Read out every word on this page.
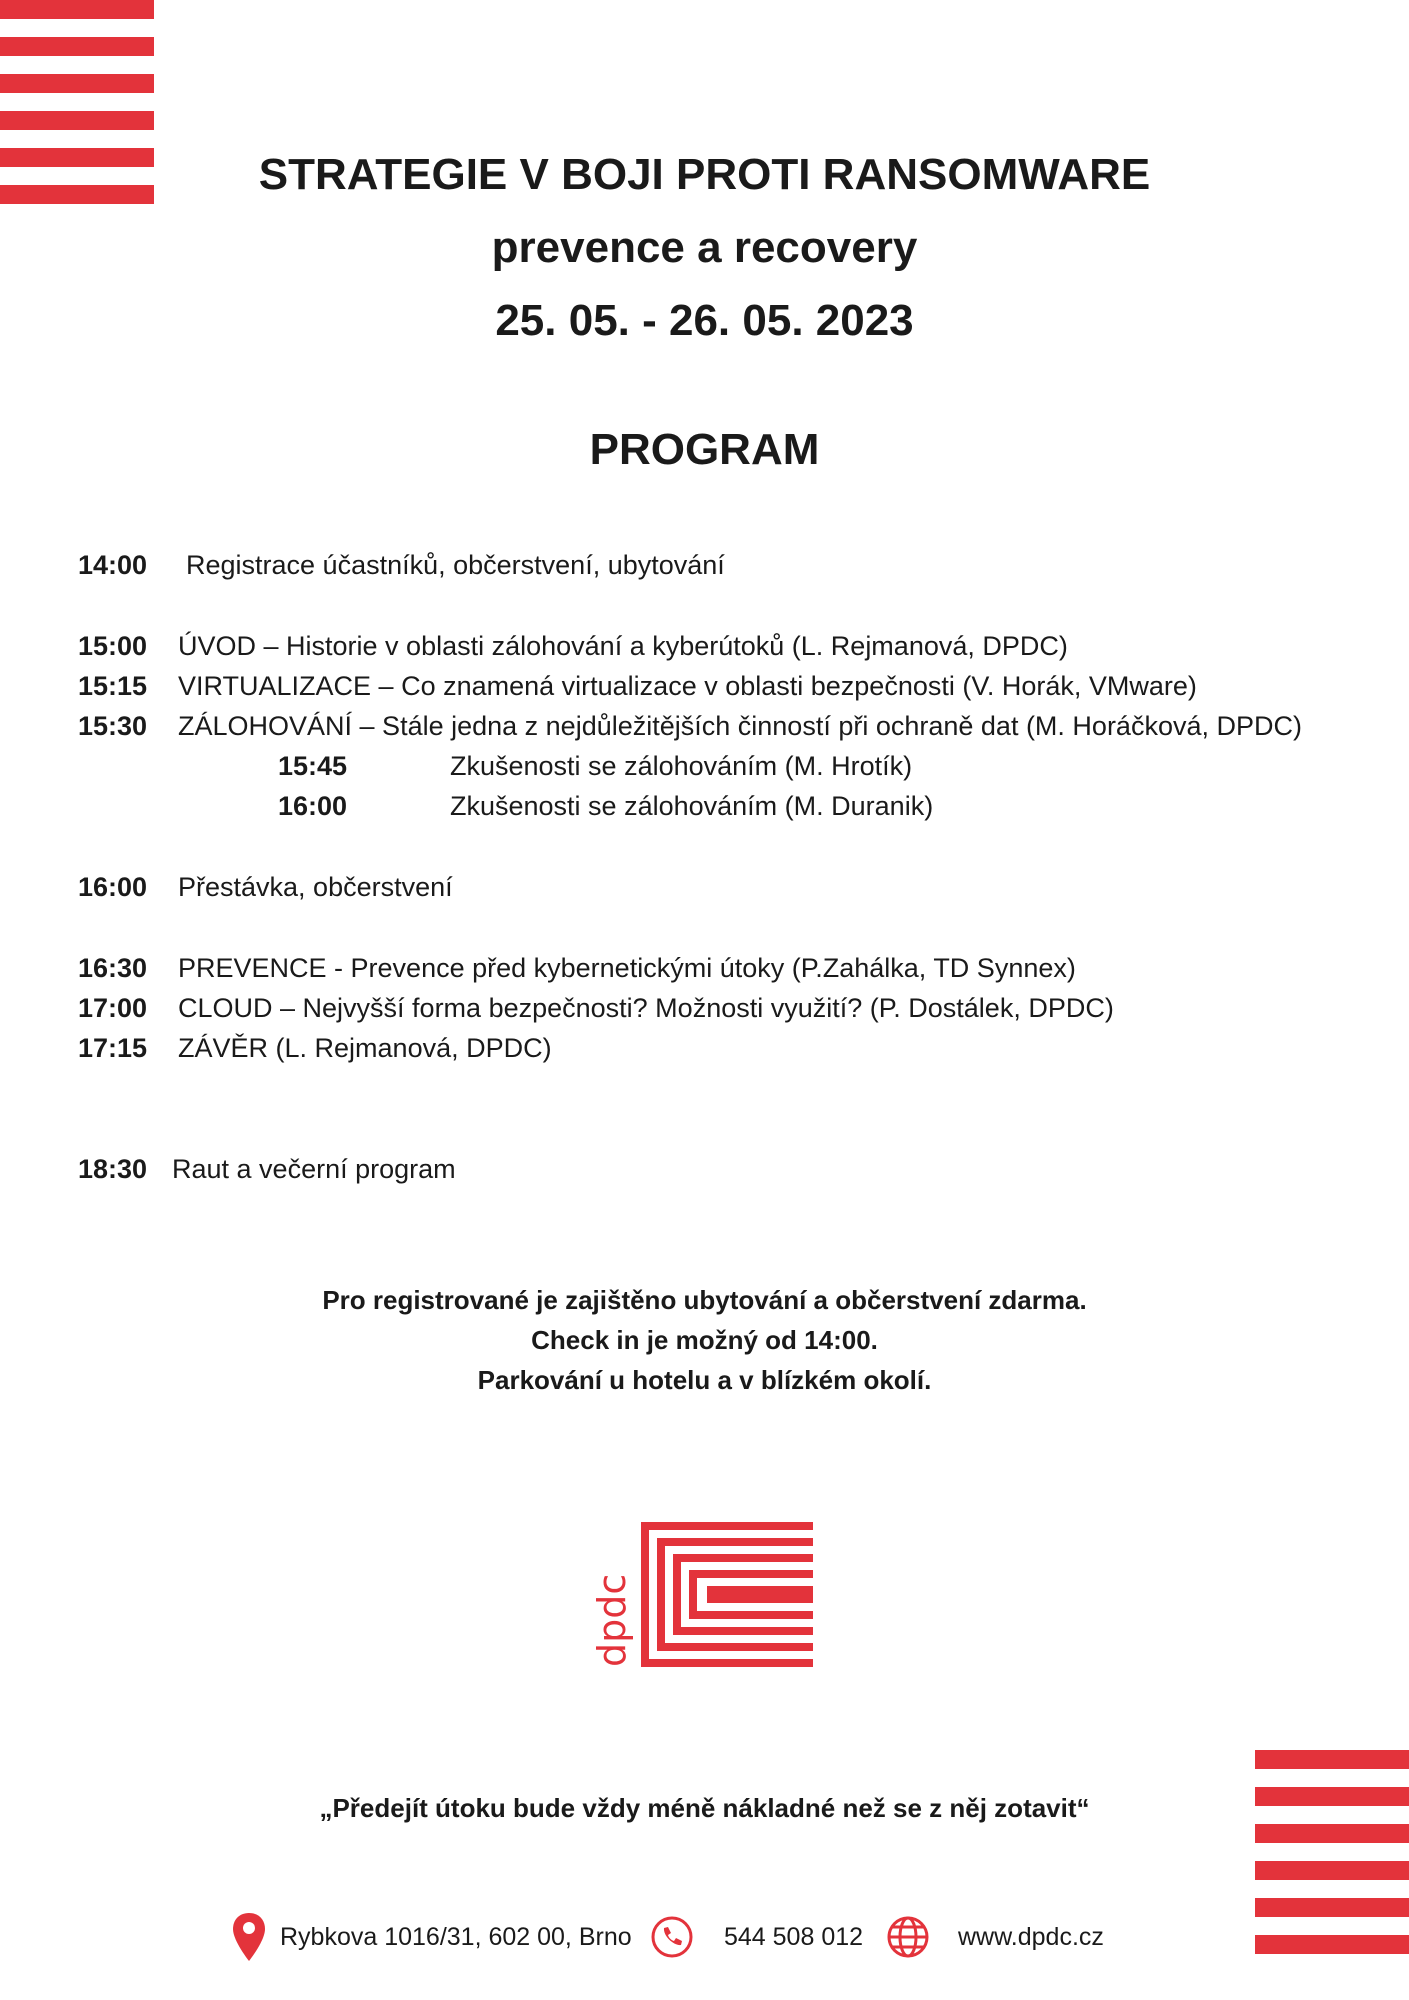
STRATEGIE V BOJI PROTI RANSOMWARE
prevence a recovery
25. 05. - 26. 05. 2023
PROGRAM
14:00 Registrace účastníků, občerstvení, ubytování
15:00 ÚVOD – Historie v oblasti zálohování a kyberútoků (L. Rejmanová, DPDC)
15:15 VIRTUALIZACE – Co znamená virtualizace v oblasti bezpečnosti (V. Horák, VMware)
15:30 ZÁLOHOVÁNÍ – Stále jedna z nejdůležitějších činností při ochraně dat (M. Horáčková, DPDC)
15:45	Zkušenosti se zálohováním (M. Hrotík)
16:00	Zkušenosti se zálohováním (M. Duranik)
16:00 Přestávka, občerstvení
16:30 PREVENCE - Prevence před kybernetickými útoky (P.Zahálka, TD Synnex)
17:00 CLOUD – Nejvyšší forma bezpečnosti? Možnosti využití? (P. Dostálek, DPDC)
17:15 ZÁVĚR (L. Rejmanová, DPDC)
18:30 Raut a večerní program
Pro registrované je zajištěno ubytování a občerstvení zdarma.
Check in je možný od 14:00.
Parkování u hotelu a v blízkém okolí.
dpdc
„Předejít útoku bude vždy méně nákladné než se z něj zotavit“
Rybkova 1016/31, 602 00, Brno	544 508 012	www.dpdc.cz
